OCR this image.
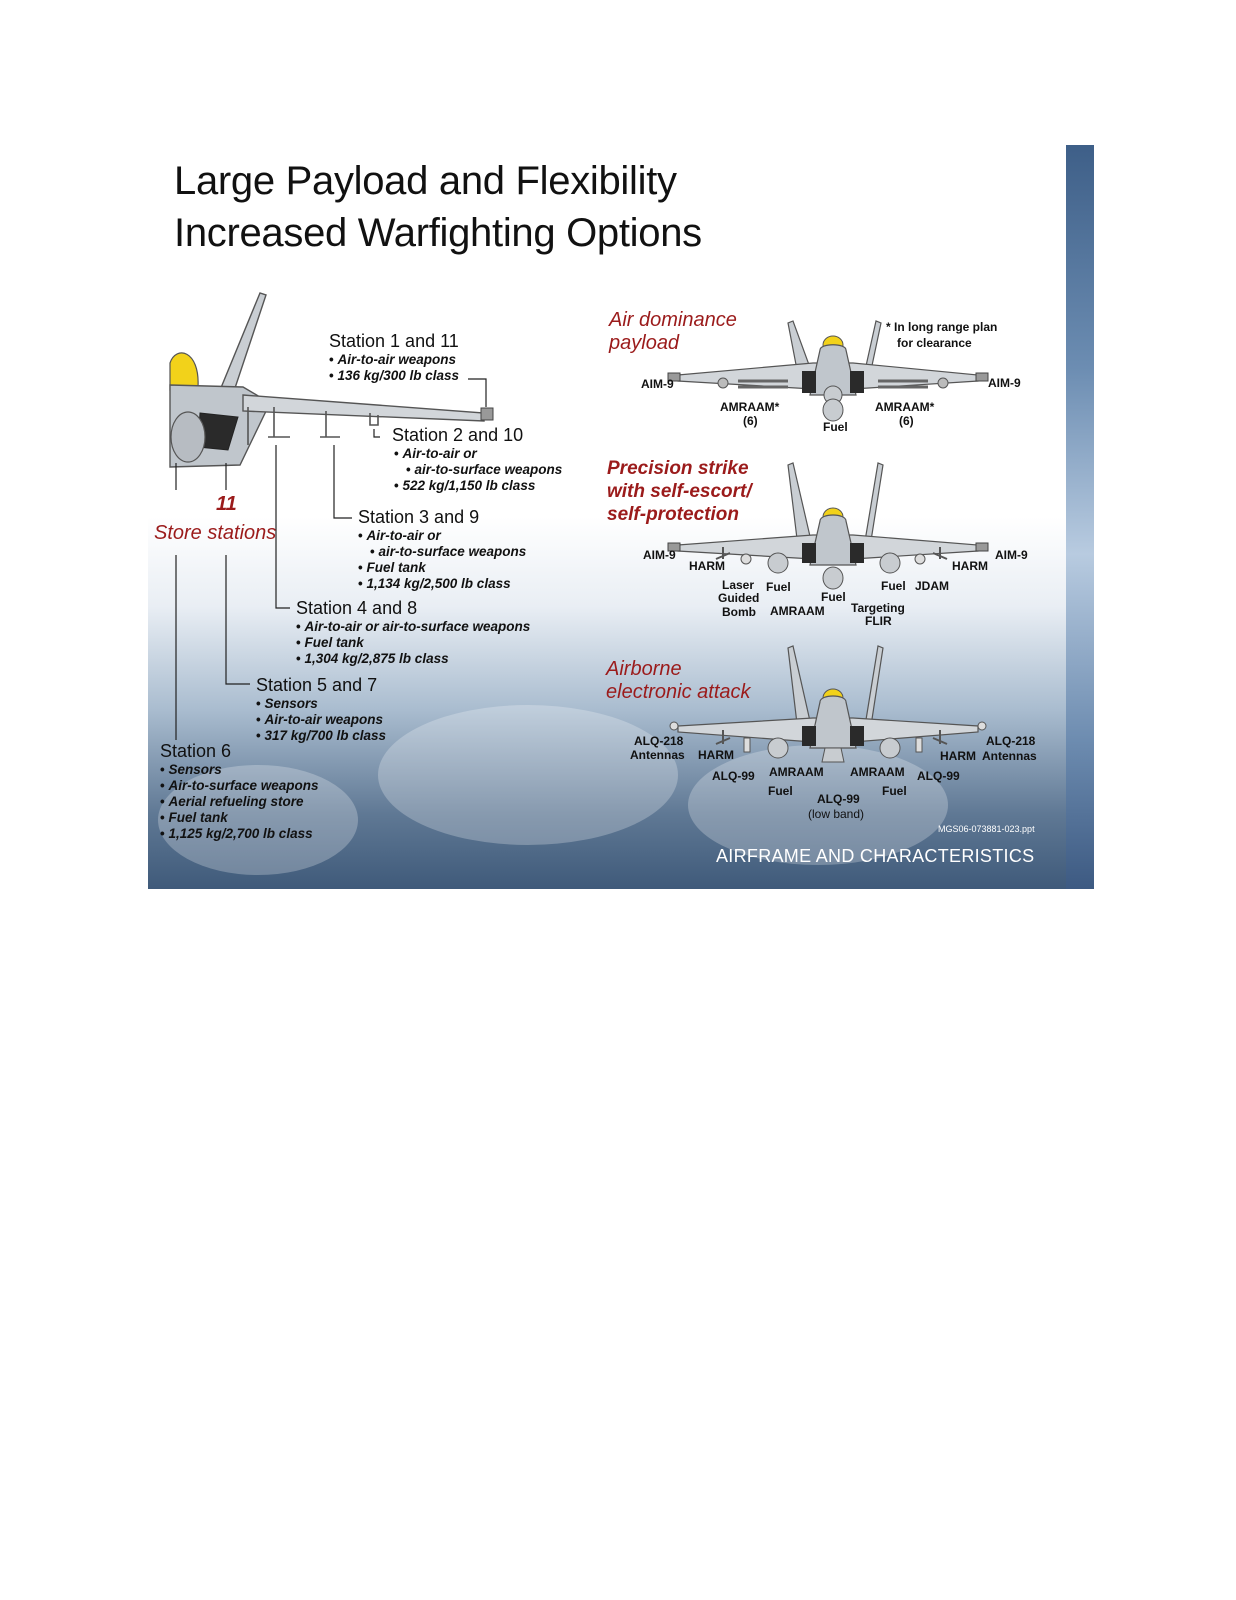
Large Payload and Flexibility
Increased Warfighting Options
11
Store stations
Station 1 and 11
• Air-to-air weapons
• 136 kg/300 lb class
Station 2 and 10
• Air-to-air or
• air-to-surface weapons
• 522 kg/1,150 lb class
Station 3 and 9
• Air-to-air or
• air-to-surface weapons
• Fuel tank
• 1,134 kg/2,500 lb class
Station 4 and 8
• Air-to-air or air-to-surface weapons
• Fuel tank
• 1,304 kg/2,875 lb class
Station 5 and 7
• Sensors
• Air-to-air weapons
• 317 kg/700 lb class
Station 6
• Sensors
• Air-to-surface weapons
• Aerial refueling store
• Fuel tank
• 1,125 kg/2,700 lb class
Air dominance
payload
* In long range plan
for clearance
AIM-9	AIM-9
AMRAAM*
(6)
AMRAAM*
(6)
Fuel
Precision strike
with self-escort/
self-protection
AIM-9
HARM
Laser
Guided
Bomb
Fuel
Fuel
AMRAAM Targeting
FLIR
Fuel JDAM
HARM
AIM-9
Airborne
electronic attack
ALQ-218
Antennas HARM
ALQ-99 AMRAAM
Fuel
ALQ-99
(low band)
AMRAAM
Fuel
ALQ-99
HARM
ALQ-218
Antennas
MGS06-073881-023.ppt
AIRFRAME AND CHARACTERISTICS
